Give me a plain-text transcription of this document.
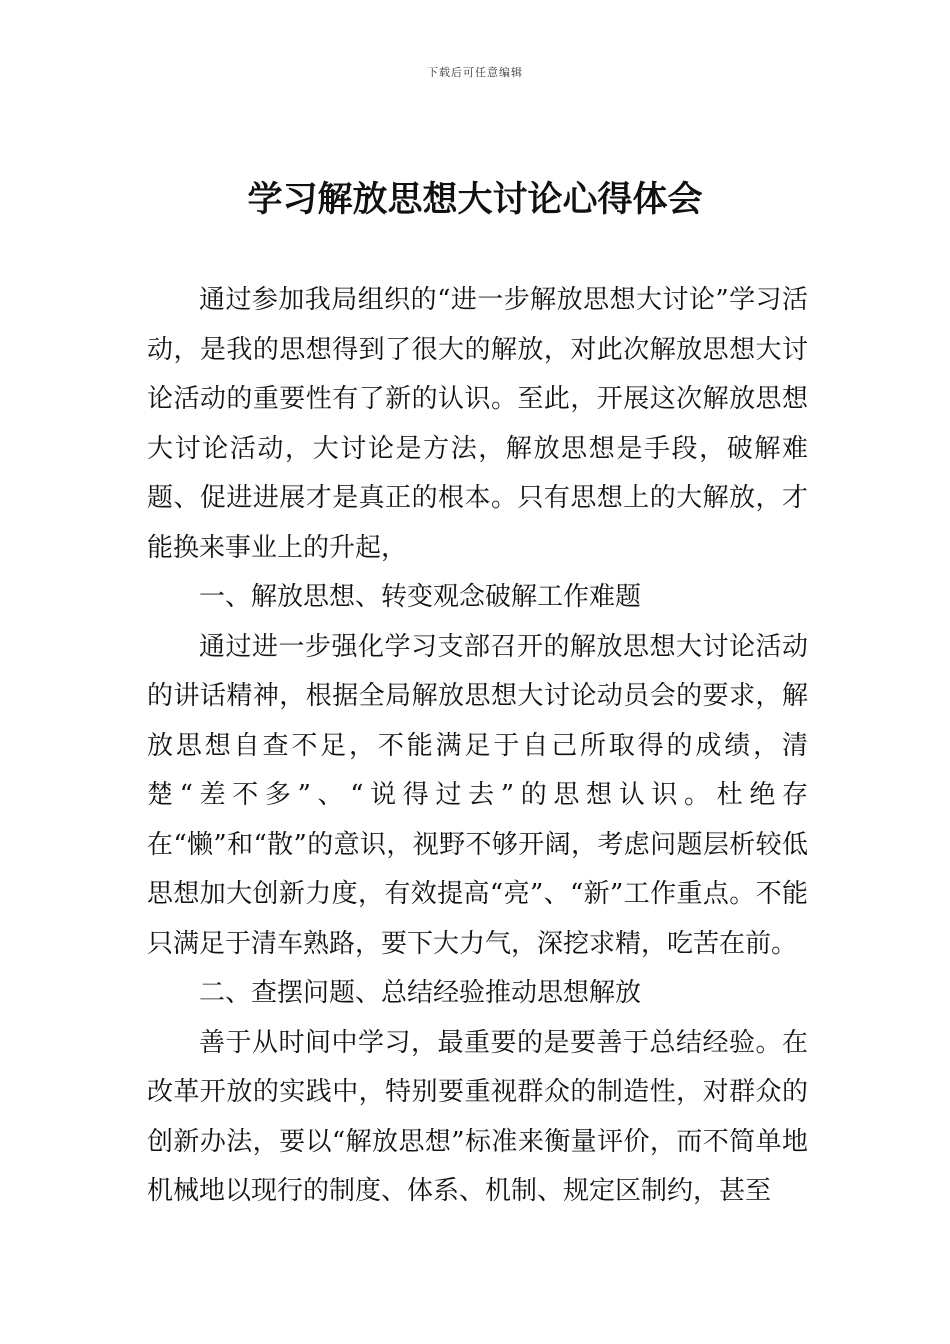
下载后可任意编辑
学习解放思想大讨论心得体会

通过参加我局组织的“进一步解放思想大讨论”学习活动，是我的思想得到了很大的解放，对此次解放思想大讨论活动的重要性有了新的认识。至此，开展这次解放思想大讨论活动，大讨论是方法，解放思想是手段，破解难题、促进进展才是真正的根本。只有思想上的大解放，才能换来事业上的升起，

一、解放思想、转变观念破解工作难题

通过进一步强化学习支部召开的解放思想大讨论活动的讲话精神，根据全局解放思想大讨论动员会的要求，解放思想自查不足，不能满足于自己所取得的成绩，清楚“差不多”、“说得过去”的思想认识。杜绝存在“懒”和“散”的意识，视野不够开阔，考虑问题层析较低思想加大创新力度，有效提高“亮”、“新”工作重点。不能只满足于清车熟路，要下大力气，深挖求精，吃苦在前。

二、查摆问题、总结经验推动思想解放

善于从时间中学习，最重要的是要善于总结经验。在改革开放的实践中，特别要重视群众的制造性，对群众的创新办法，要以“解放思想”标准来衡量评价，而不简单地机械地以现行的制度、体系、机制、规定区制约，甚至
